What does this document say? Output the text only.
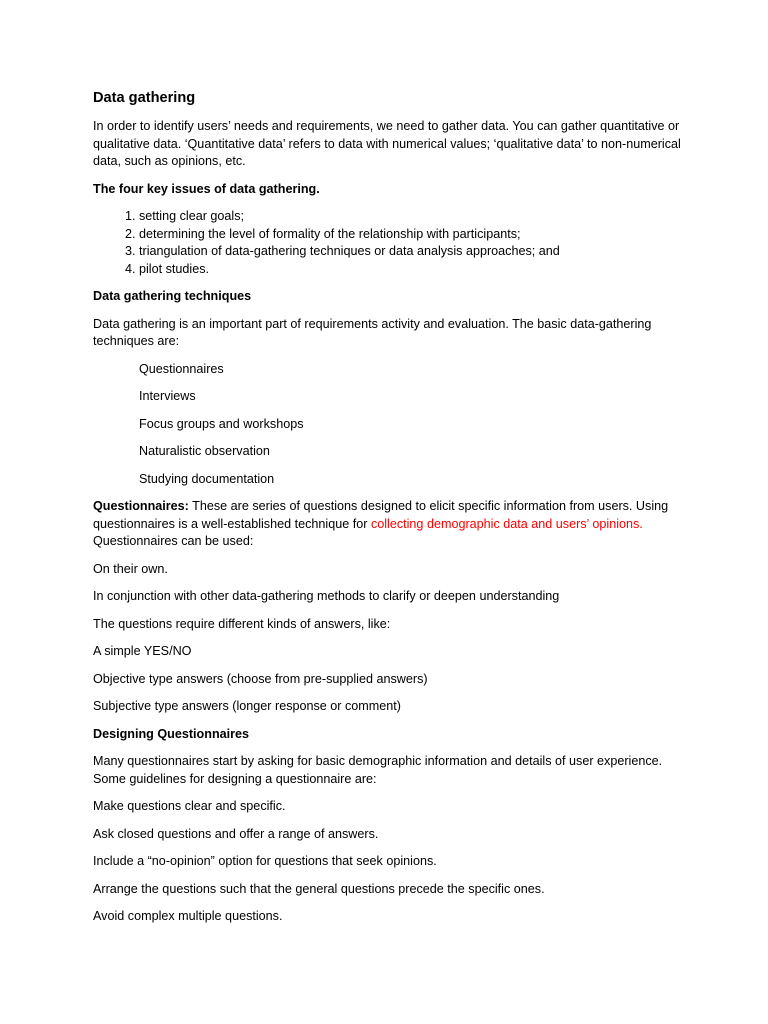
Data gathering

In order to identify users’ needs and requirements, we need to gather data. You can gather quantitative or qualitative data. ‘Quantitative data’ refers to data with numerical values; ‘qualitative data’ to non-numerical data, such as opinions, etc.

The four key issues of data gathering.

1. setting clear goals;
2. determining the level of formality of the relationship with participants;
3. triangulation of data-gathering techniques or data analysis approaches; and
4. pilot studies.

Data gathering techniques

Data gathering is an important part of requirements activity and evaluation. The basic data-gathering techniques are:

Questionnaires

Interviews

Focus groups and workshops

Naturalistic observation

Studying documentation

Questionnaires: These are series of questions designed to elicit specific information from users. Using questionnaires is a well-established technique for collecting demographic data and users’ opinions. Questionnaires can be used:

On their own.

In conjunction with other data-gathering methods to clarify or deepen understanding

The questions require different kinds of answers, like:

A simple YES/NO

Objective type answers (choose from pre-supplied answers)

Subjective type answers (longer response or comment)

Designing Questionnaires

Many questionnaires start by asking for basic demographic information and details of user experience. Some guidelines for designing a questionnaire are:

Make questions clear and specific.

Ask closed questions and offer a range of answers.

Include a “no-opinion” option for questions that seek opinions.

Arrange the questions such that the general questions precede the specific ones.

Avoid complex multiple questions.
